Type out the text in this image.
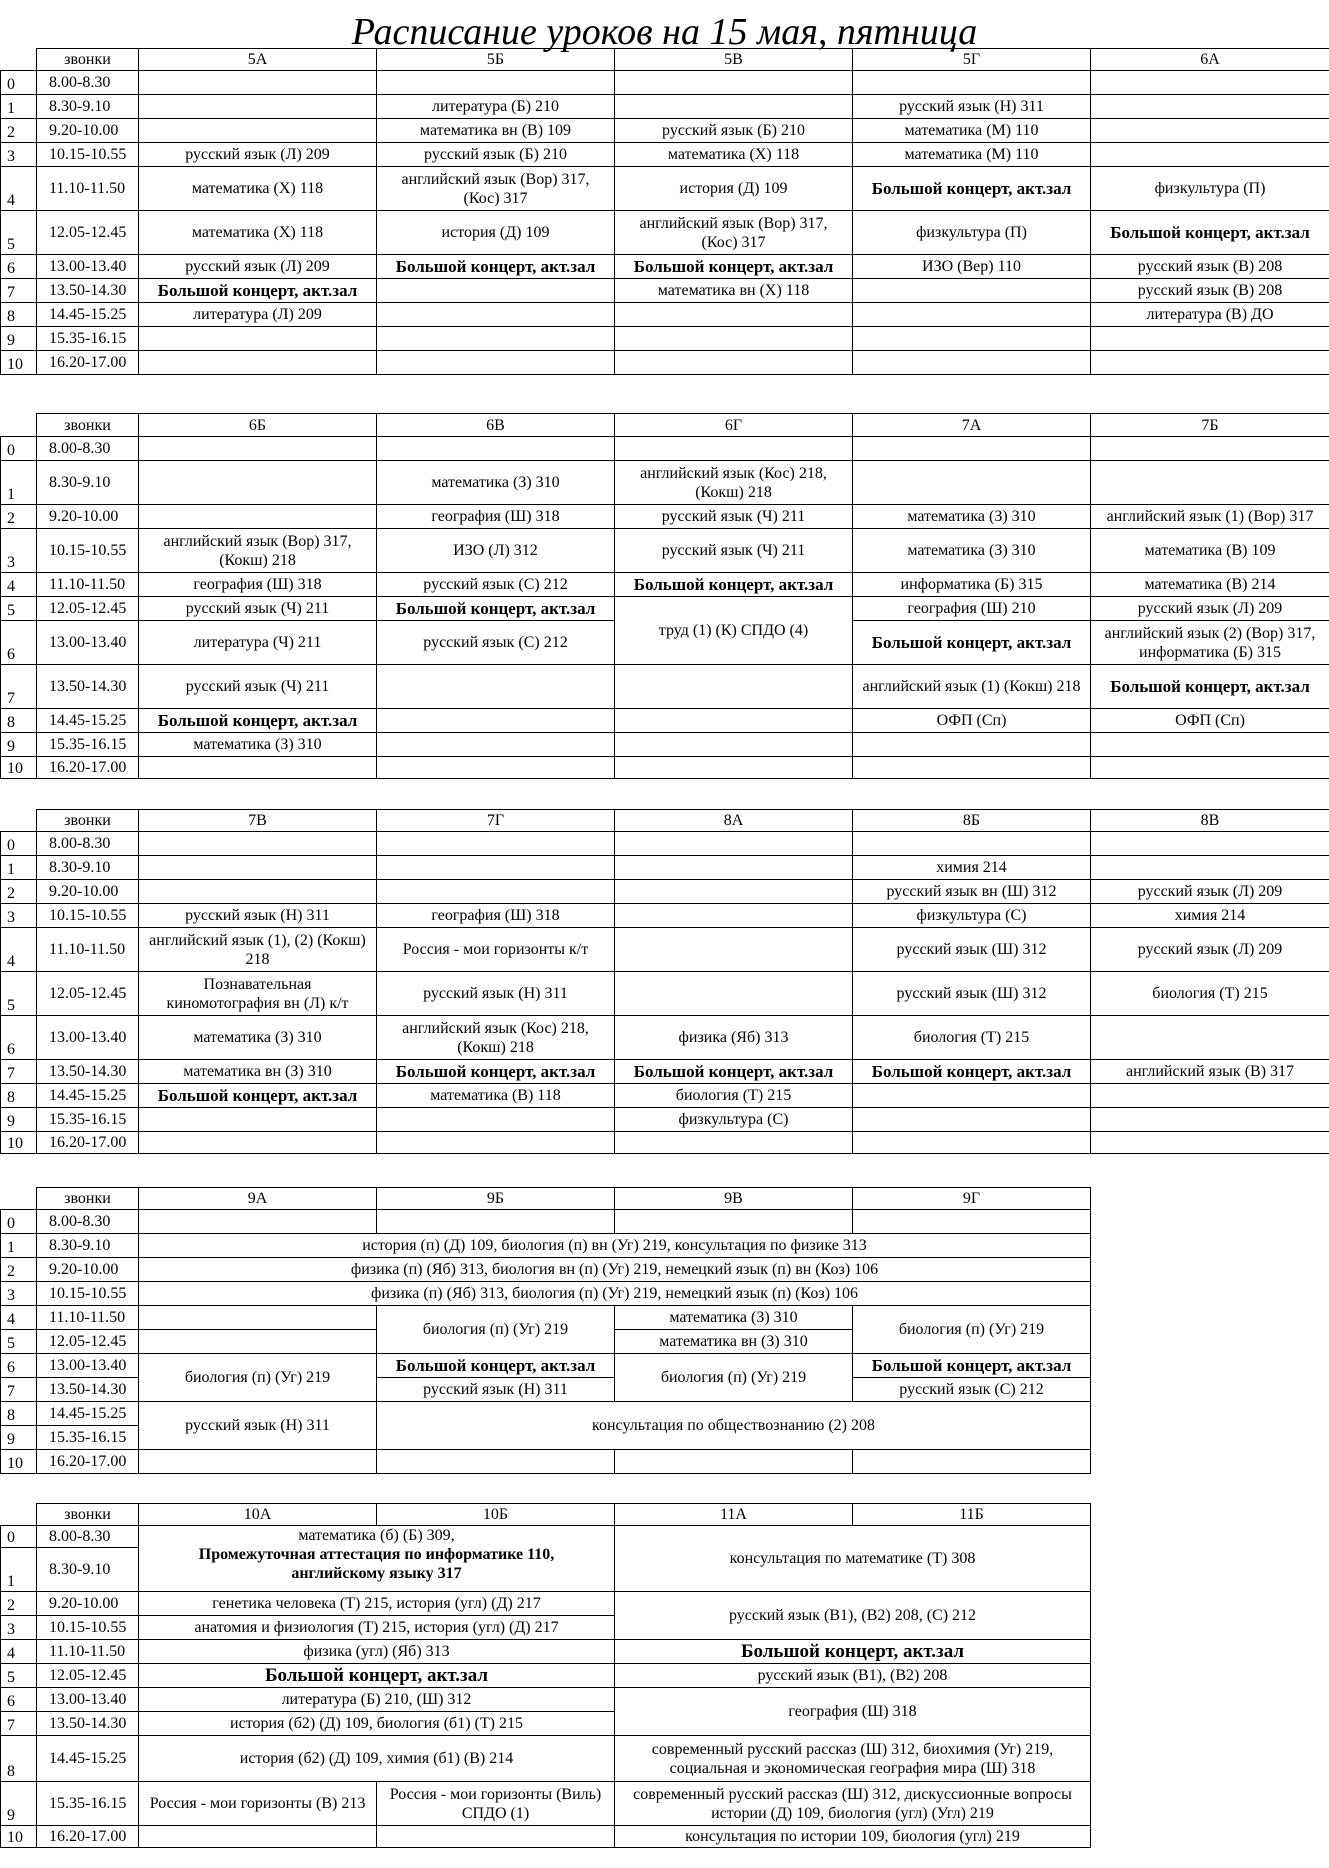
Расписание уроков на 15 мая, пятница
	звонки	5А	5Б	5В	5Г	6А
0	8.00-8.30					
1	8.30-9.10		литература (Б) 210		русский язык (Н) 311	
2	9.20-10.00		математика вн (В) 109	русский язык (Б) 210	математика (М) 110	
3	10.15-10.55	русский язык (Л) 209	русский язык (Б) 210	математика (Х) 118	математика (М) 110	
4	11.10-11.50	математика (Х) 118	английский язык (Вор) 317,
(Кос) 317	история (Д) 109	Большой концерт, акт.зал	физкультура (П)
5	12.05-12.45	математика (Х) 118	история (Д) 109	английский язык (Вор) 317,
(Кос) 317	физкультура (П)	Большой концерт, акт.зал
6	13.00-13.40	русский язык (Л) 209	Большой концерт, акт.зал	Большой концерт, акт.зал	ИЗО (Вер) 110	русский язык (В) 208
7	13.50-14.30	Большой концерт, акт.зал		математика вн (Х) 118		русский язык (В) 208
8	14.45-15.25	литература (Л) 209				литература (В) ДО
9	15.35-16.15					
10	16.20-17.00					
	звонки	6Б	6В	6Г	7А	7Б
0	8.00-8.30					
1	8.30-9.10		математика (З) 310	английский язык (Кос) 218,
(Кокш) 218		
2	9.20-10.00		география (Ш) 318	русский язык (Ч) 211	математика (З) 310	английский язык (1) (Вор) 317
3	10.15-10.55	английский язык (Вор) 317,
(Кокш) 218	ИЗО (Л) 312	русский язык (Ч) 211	математика (З) 310	математика (В) 109
4	11.10-11.50	география (Ш) 318	русский язык (С) 212	Большой концерт, акт.зал	информатика (Б) 315	математика (В) 214
5	12.05-12.45	русский язык (Ч) 211	Большой концерт, акт.зал	труд (1) (К) СПДО (4)	география (Ш) 210	русский язык (Л) 209
6	13.00-13.40	литература (Ч) 211	русский язык (С) 212		Большой концерт, акт.зал	английский язык (2) (Вор) 317,
информатика (Б) 315
7	13.50-14.30	русский язык (Ч) 211			английский язык (1) (Кокш) 218	Большой концерт, акт.зал
8	14.45-15.25	Большой концерт, акт.зал			ОФП (Сп)	ОФП (Сп)
9	15.35-16.15	математика (З) 310				
10	16.20-17.00					
	звонки	7В	7Г	8А	8Б	8В
0	8.00-8.30					
1	8.30-9.10				химия 214	
2	9.20-10.00				русский язык вн (Ш) 312	русский язык (Л) 209
3	10.15-10.55	русский язык (Н) 311	география (Ш) 318		физкультура (С)	химия 214
4	11.10-11.50	английский язык (1), (2) (Кокш)
218	Россия - мои горизонты к/т		русский язык (Ш) 312	русский язык (Л) 209
5	12.05-12.45	Познавательная
киномотография вн (Л) к/т	русский язык (Н) 311		русский язык (Ш) 312	биология (Т) 215
6	13.00-13.40	математика (З) 310	английский язык (Кос) 218,
(Кокш) 218	физика (Яб) 313	биология (Т) 215	
7	13.50-14.30	математика вн (З) 310	Большой концерт, акт.зал	Большой концерт, акт.зал	Большой концерт, акт.зал	английский язык (В) 317
8	14.45-15.25	Большой концерт, акт.зал	математика (В) 118	биология (Т) 215		
9	15.35-16.15			физкультура (С)		
10	16.20-17.00					
	звонки	9А	9Б	9В	9Г
0	8.00-8.30				
1	8.30-9.10	история (п) (Д) 109, биология (п) вн (Уг) 219, консультация по физике 313			
2	9.20-10.00	физика (п) (Яб) 313, биология вн (п) (Уг) 219, немецкий язык (п) вн (Коз) 106			
3	10.15-10.55	физика (п) (Яб) 313, биология (п) (Уг) 219, немецкий язык (п) (Коз) 106			
4	11.10-11.50		биология (п) (Уг) 219	математика (З) 310	биология (п) (Уг) 219
5	12.05-12.45			математика вн (З) 310	
6	13.00-13.40	биология (п) (Уг) 219	Большой концерт, акт.зал	биология (п) (Уг) 219	Большой концерт, акт.зал
7	13.50-14.30		русский язык (Н) 311		русский язык (С) 212
8	14.45-15.25	русский язык (Н) 311	консультация по обществознанию (2) 208		
9	15.35-16.15				
10	16.20-17.00				
	звонки	10А	10Б	11А	11Б
0	8.00-8.30	математика (б) (Б) 309,
Промежуточная аттестация по информатике 110,
английскому языку 317		консультация по математике (Т) 308	
1	8.30-9.10				
2	9.20-10.00	генетика человека (Т) 215, история (угл) (Д) 217		русский язык (В1), (В2) 208, (С) 212	
3	10.15-10.55	анатомия и физиология (Т) 215, история (угл) (Д) 217			
4	11.10-11.50	физика (угл) (Яб) 313		Большой концерт, акт.зал	
5	12.05-12.45	Большой концерт, акт.зал		русский язык (В1), (В2) 208	
6	13.00-13.40	литература (Б) 210, (Ш) 312		география (Ш) 318	
7	13.50-14.30	история (б2) (Д) 109, биология (б1) (Т) 215			
8	14.45-15.25	история (б2) (Д) 109, химия (б1) (В) 214		современный русский рассказ (Ш) 312, биохимия (Уг) 219,
социальная и экономическая география мира (Ш) 318	
9	15.35-16.15	Россия - мои горизонты (В) 213	Россия - мои горизонты (Виль)
СПДО (1)	современный русский рассказ (Ш) 312, дискуссионные вопросы
истории (Д) 109, биология (угл) (Угл) 219	
10	16.20-17.00			консультация по истории 109, биология (угл) 219	
